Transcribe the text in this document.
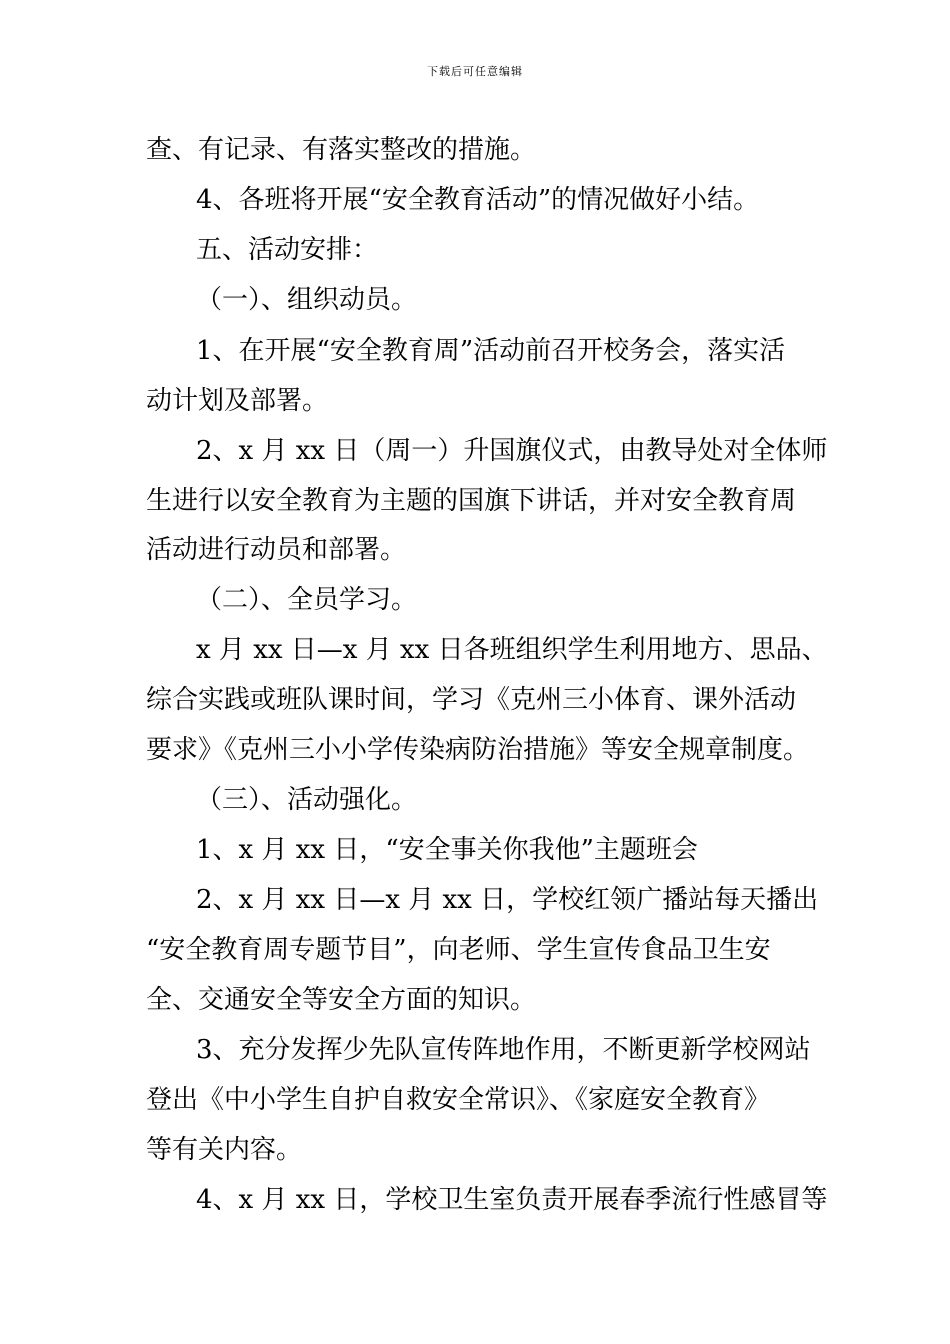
下载后可任意编辑
查、有记录、有落实整改的措施。
4、各班将开展“安全教育活动”的情况做好小结。
五、活动安排：
（一）、组织动员。
1、在开展“安全教育周”活动前召开校务会，落实活
动计划及部署。
2、x 月 xx 日（周一）升国旗仪式，由教导处对全体师
生进行以安全教育为主题的国旗下讲话，并对安全教育周
活动进行动员和部署。
（二）、全员学习。
x 月 xx 日—x 月 xx 日各班组织学生利用地方、思品、
综合实践或班队课时间，学习《克州三小体育、课外活动
要求》《克州三小小学传染病防治措施》等安全规章制度。
（三）、活动强化。
1、x 月 xx 日，“安全事关你我他”主题班会
2、x 月 xx 日—x 月 xx 日，学校红领广播站每天播出
“安全教育周专题节目”，向老师、学生宣传食品卫生安
全、交通安全等安全方面的知识。
3、充分发挥少先队宣传阵地作用，不断更新学校网站
登出《中小学生自护自救安全常识》、《家庭安全教育》
等有关内容。
4、x 月 xx 日，学校卫生室负责开展春季流行性感冒等
